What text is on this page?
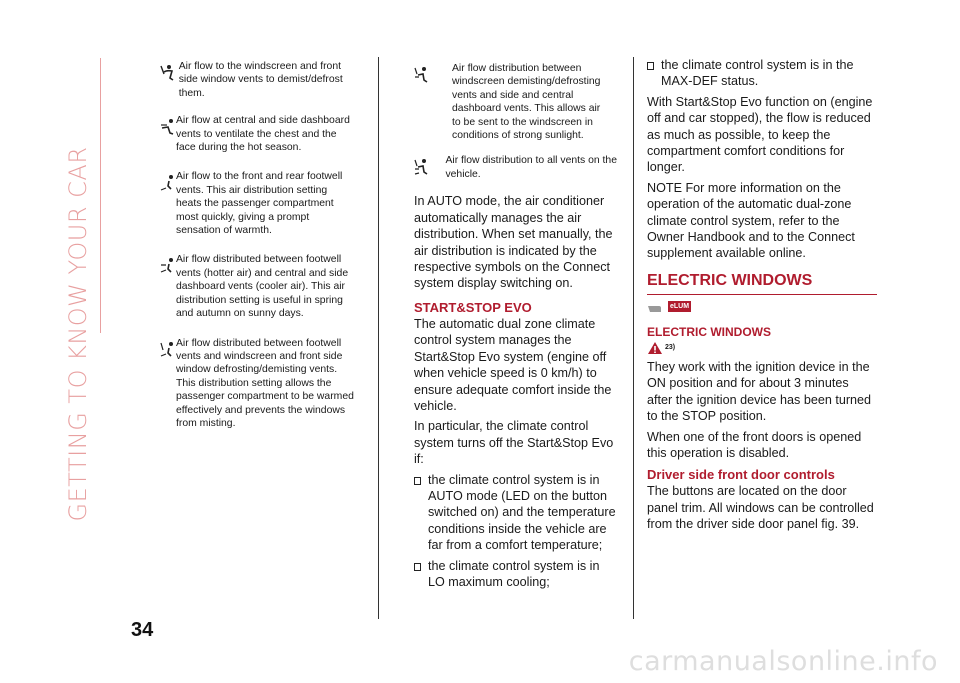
GETTING TO KNOW YOUR CAR

Air flow to the windscreen and front side window vents to demist/defrost them.

Air flow at central and side dashboard vents to ventilate the chest and the face during the hot season.

Air flow to the front and rear footwell vents. This air distribution setting heats the passenger compartment most quickly, giving a prompt sensation of warmth.

Air flow distributed between footwell vents (hotter air) and central and side dashboard vents (cooler air). This air distribution setting is useful in spring and autumn on sunny days.

Air flow distributed between footwell vents and windscreen and front side window defrosting/demisting vents. This distribution setting allows the passenger compartment to be warmed effectively and prevents the windows from misting.

Air flow distribution between windscreen demisting/defrosting vents and side and central dashboard vents. This allows air to be sent to the windscreen in conditions of strong sunlight.

Air flow distribution to all vents on the vehicle.

In AUTO mode, the air conditioner automatically manages the air distribution. When set manually, the air distribution is indicated by the respective symbols on the Connect system display switching on.

START&STOP EVO

The automatic dual zone climate control system manages the Start&Stop Evo system (engine off when vehicle speed is 0 km/h) to ensure adequate comfort inside the vehicle.

In particular, the climate control system turns off the Start&Stop Evo if:

the climate control system is in AUTO mode (LED on the button switched on) and the temperature conditions inside the vehicle are far from a comfort temperature;
the climate control system is in LO maximum cooling;
the climate control system is in the MAX-DEF status.

With Start&Stop Evo function on (engine off and car stopped), the flow is reduced as much as possible, to keep the compartment comfort conditions for longer.

NOTE For more information on the operation of the automatic dual-zone climate control system, refer to the Owner Handbook and to the Connect supplement available online.

ELECTRIC WINDOWS

eLUM

ELECTRIC WINDOWS

23)

They work with the ignition device in the ON position and for about 3 minutes after the ignition device has been turned to the STOP position.

When one of the front doors is opened this operation is disabled.

Driver side front door controls

The buttons are located on the door panel trim. All windows can be controlled from the driver side door panel fig. 39.

34
carmanualsonline.info
